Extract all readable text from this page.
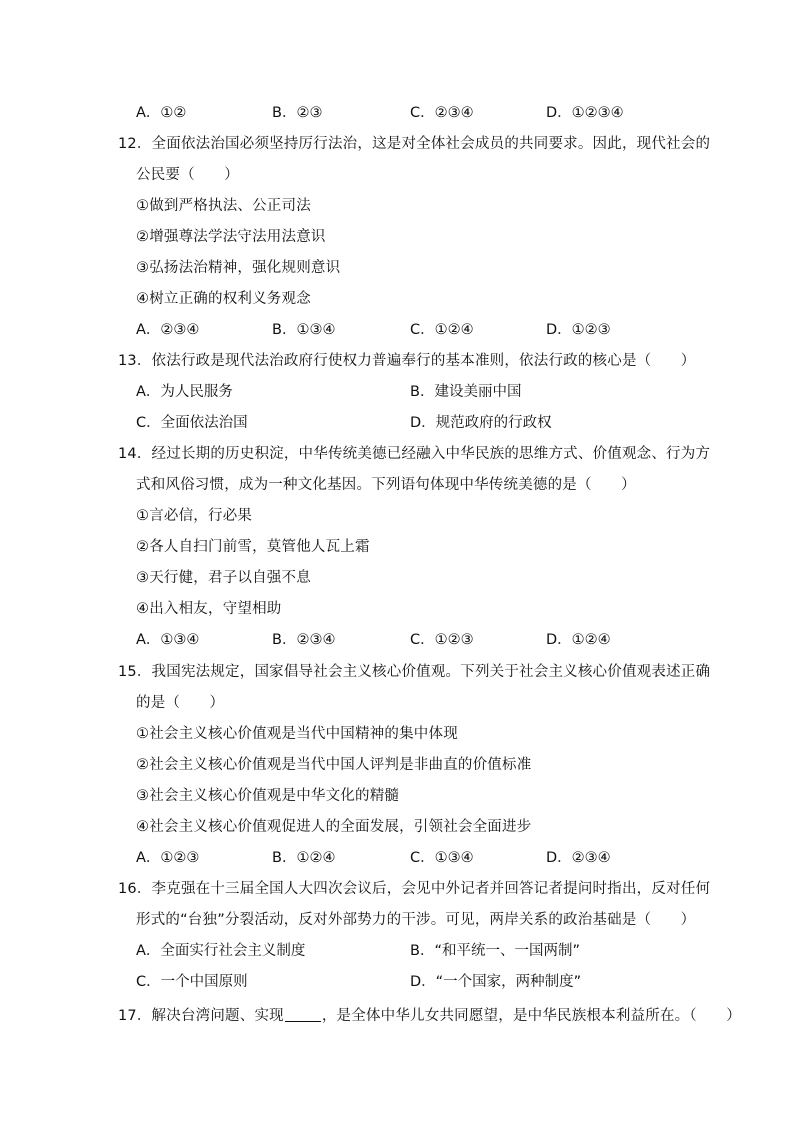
A．①②	B．②③	C．②③④	D．①②③④
12．全面依法治国必须坚持厉行法治，这是对全体社会成员的共同要求。因此，现代社会的
公民要（　　）
①做到严格执法、公正司法
②增强尊法学法守法用法意识
③弘扬法治精神，强化规则意识
④树立正确的权利义务观念
A．②③④	B．①③④	C．①②④	D．①②③
13．依法行政是现代法治政府行使权力普遍奉行的基本准则，依法行政的核心是（　　）
A．为人民服务	B．建设美丽中国
C．全面依法治国	D．规范政府的行政权
14．经过长期的历史积淀，中华传统美德已经融入中华民族的思维方式、价值观念、行为方
式和风俗习惯，成为一种文化基因。下列语句体现中华传统美德的是（　　）
①言必信，行必果
②各人自扫门前雪，莫管他人瓦上霜
③天行健，君子以自强不息
④出入相友，守望相助
A．①③④	B．②③④	C．①②③	D．①②④
15．我国宪法规定，国家倡导社会主义核心价值观。下列关于社会主义核心价值观表述正确
的是（　　）
①社会主义核心价值观是当代中国精神的集中体现
②社会主义核心价值观是当代中国人评判是非曲直的价值标准
③社会主义核心价值观是中华文化的精髓
④社会主义核心价值观促进人的全面发展，引领社会全面进步
A．①②③	B．①②④	C．①③④	D．②③④
16．李克强在十三届全国人大四次会议后，会见中外记者并回答记者提问时指出，反对任何
形式的“台独”分裂活动，反对外部势力的干涉。可见，两岸关系的政治基础是（　　）
A．全面实行社会主义制度	B．“和平统一、一国两制”
C．一个中国原则	D．“一个国家，两种制度”
17．解决台湾问题、实现	，是全体中华儿女共同愿望，是中华民族根本利益所在。（　　）
